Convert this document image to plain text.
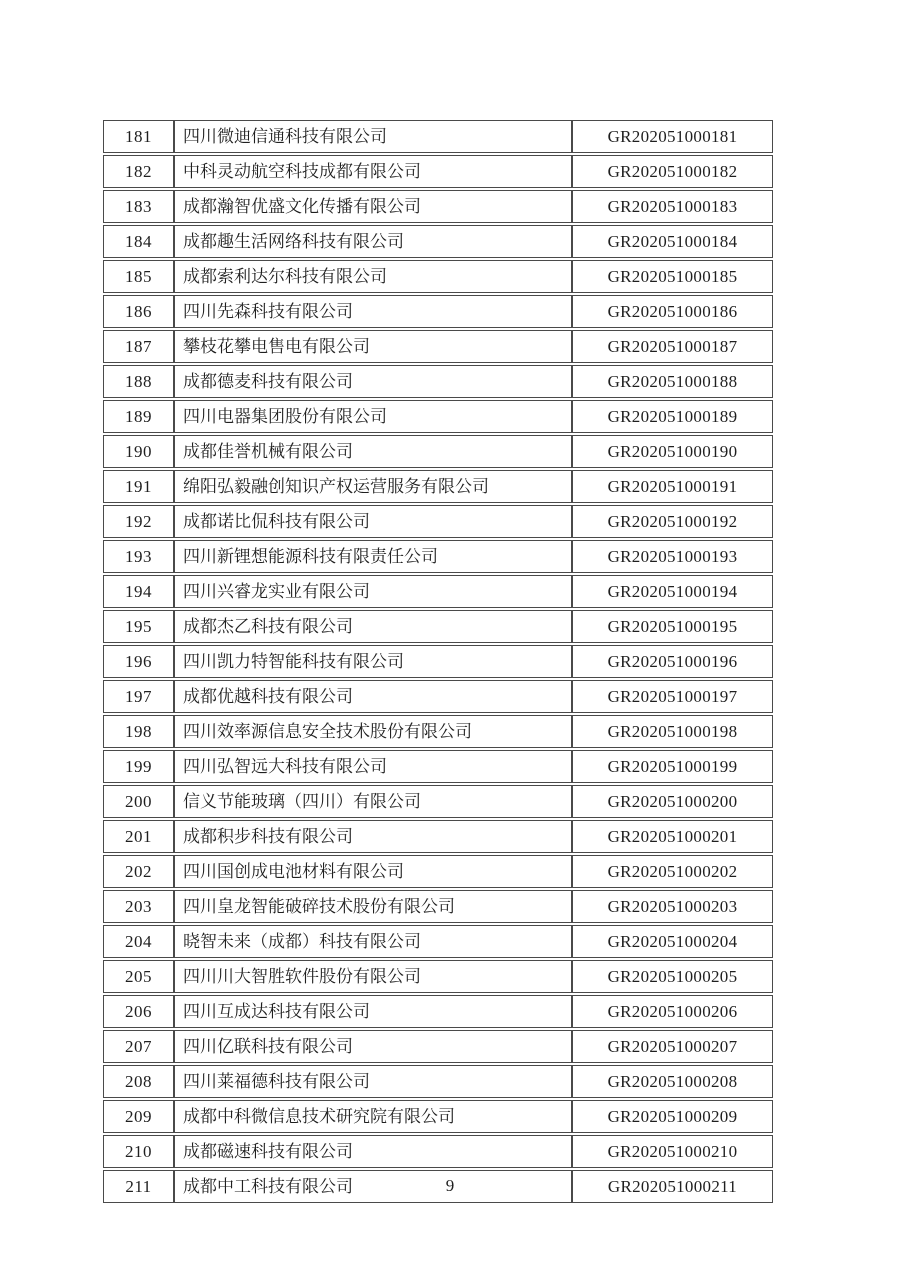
181	四川微迪信通科技有限公司	GR202051000181
182	中科灵动航空科技成都有限公司	GR202051000182
183	成都瀚智优盛文化传播有限公司	GR202051000183
184	成都趣生活网络科技有限公司	GR202051000184
185	成都索利达尔科技有限公司	GR202051000185
186	四川先森科技有限公司	GR202051000186
187	攀枝花攀电售电有限公司	GR202051000187
188	成都德麦科技有限公司	GR202051000188
189	四川电器集团股份有限公司	GR202051000189
190	成都佳誉机械有限公司	GR202051000190
191	绵阳弘毅融创知识产权运营服务有限公司	GR202051000191
192	成都诺比侃科技有限公司	GR202051000192
193	四川新锂想能源科技有限责任公司	GR202051000193
194	四川兴睿龙实业有限公司	GR202051000194
195	成都杰乙科技有限公司	GR202051000195
196	四川凯力特智能科技有限公司	GR202051000196
197	成都优越科技有限公司	GR202051000197
198	四川效率源信息安全技术股份有限公司	GR202051000198
199	四川弘智远大科技有限公司	GR202051000199
200	信义节能玻璃（四川）有限公司	GR202051000200
201	成都积步科技有限公司	GR202051000201
202	四川国创成电池材料有限公司	GR202051000202
203	四川皇龙智能破碎技术股份有限公司	GR202051000203
204	晓智未来（成都）科技有限公司	GR202051000204
205	四川川大智胜软件股份有限公司	GR202051000205
206	四川互成达科技有限公司	GR202051000206
207	四川亿联科技有限公司	GR202051000207
208	四川莱福德科技有限公司	GR202051000208
209	成都中科微信息技术研究院有限公司	GR202051000209
210	成都磁速科技有限公司	GR202051000210
211	成都中工科技有限公司	GR202051000211
9
